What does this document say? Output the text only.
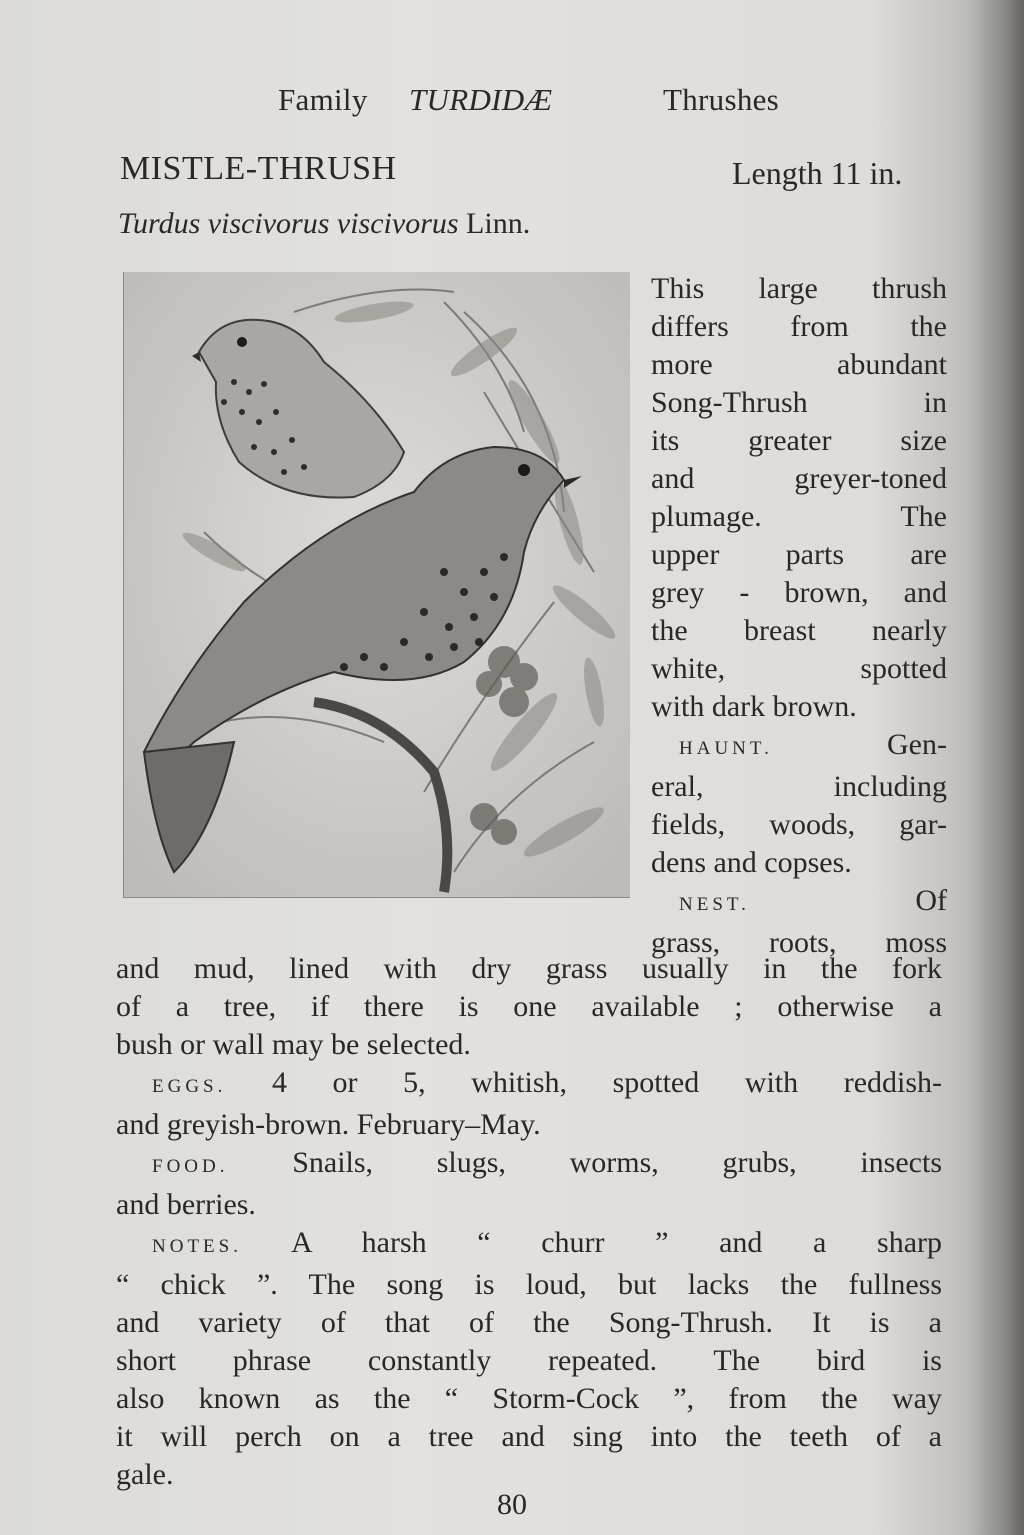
Family TURDIDÆ	Thrushes
MISTLE-THRUSH	Length 11 in.
Turdus viscivorus viscivorus Linn.
This large thrush
differs from the
more abundant
Song-Thrush in
its greater size
and greyer-toned
plumage. The
upper parts are
grey - brown, and
the breast nearly
white, spotted
with dark brown.
HAUNT.	Gen-
eral, including
fields, woods, gar-
dens and copses.
NEST.	Of
grass, roots, moss
and mud, lined with dry grass usually in the fork
of a tree, if there is one available ; otherwise a
bush or wall may be selected.
EGGS. 4 or 5, whitish, spotted with reddish-
and greyish-brown. February–May.
FOOD. Snails, slugs, worms, grubs, insects
and berries.
NOTES. A harsh “ churr ” and a sharp
“ chick ”. The song is loud, but lacks the fullness
and variety of that of the Song-Thrush. It is a
short phrase constantly repeated. The bird is
also known as the “ Storm-Cock ”, from the way
it will perch on a tree and sing into the teeth of a
gale.
80
